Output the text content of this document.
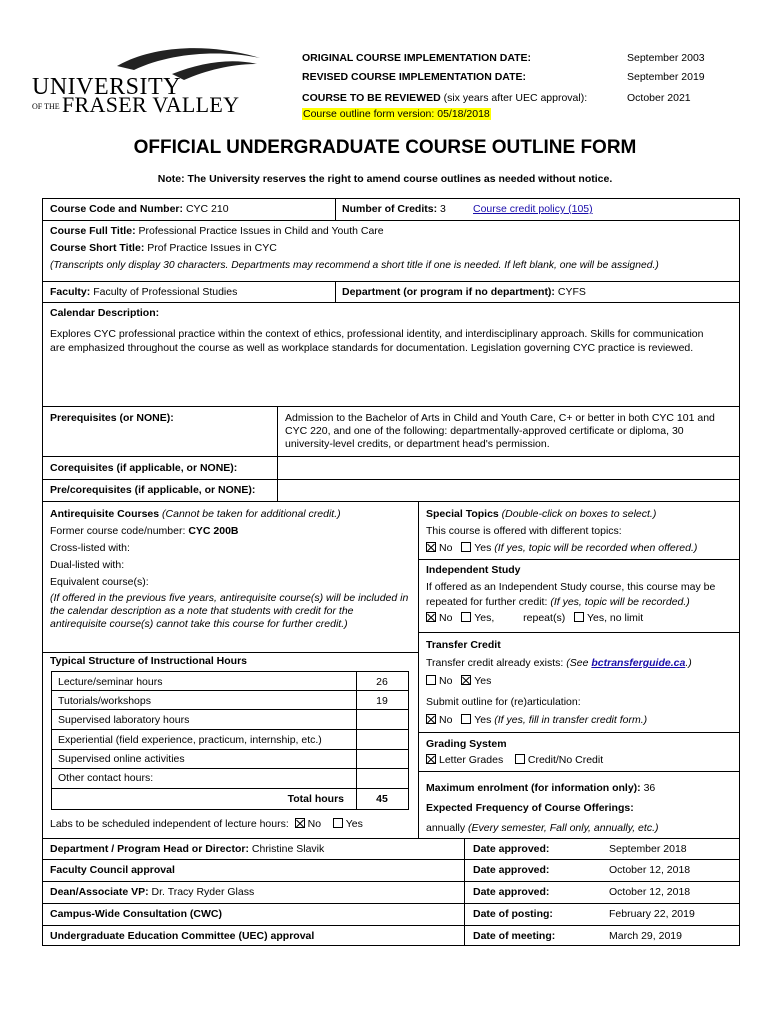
UNIVERSITY
OF THE FRASER VALLEY
ORIGINAL COURSE IMPLEMENTATION DATE:	September 2003
REVISED COURSE IMPLEMENTATION DATE:	September 2019
COURSE TO BE REVIEWED (six years after UEC approval):	October 2021
Course outline form version: 05/18/2018
OFFICIAL UNDERGRADUATE COURSE OUTLINE FORM
Note: The University reserves the right to amend course outlines as needed without notice.
Course Code and Number: CYC 210	Number of Credits: 3	Course credit policy (105)
Course Full Title: Professional Practice Issues in Child and Youth Care
Course Short Title: Prof Practice Issues in CYC
(Transcripts only display 30 characters. Departments may recommend a short title if one is needed. If left blank, one will be assigned.)
Faculty: Faculty of Professional Studies	Department (or program if no department): CYFS
Calendar Description:
Explores CYC professional practice within the context of ethics, professional identity, and interdisciplinary approach. Skills for communication are emphasized throughout the course as well as workplace standards for documentation. Legislation governing CYC practice is reviewed.
Prerequisites (or NONE):	Admission to the Bachelor of Arts in Child and Youth Care, C+ or better in both CYC 101 and CYC 220, and one of the following: departmentally-approved certificate or diploma, 30 university-level credits, or department head's permission.
Corequisites (if applicable, or NONE):
Pre/corequisites (if applicable, or NONE):
Antirequisite Courses (Cannot be taken for additional credit.)
Former course code/number: CYC 200B
Cross-listed with:
Dual-listed with:
Equivalent course(s):
(If offered in the previous five years, antirequisite course(s) will be included in the calendar description as a note that students with credit for the antirequisite course(s) cannot take this course for further credit.)
Special Topics (Double-click on boxes to select.)
This course is offered with different topics:
No Yes (If yes, topic will be recorded when offered.)
Independent Study
If offered as an Independent Study course, this course may be repeated for further credit: (If yes, topic will be recorded.)
No Yes,	repeat(s) Yes, no limit
Transfer Credit
Transfer credit already exists: (See bctransferguide.ca.)
No Yes
Submit outline for (re)articulation:
No Yes (If yes, fill in transfer credit form.)
Grading System
Letter Grades Credit/No Credit
Maximum enrolment (for information only): 36
Expected Frequency of Course Offerings:
annually (Every semester, Fall only, annually, etc.)
Typical Structure of Instructional Hours
Lecture/seminar hours	26
Tutorials/workshops	19
Supervised laboratory hours
Experiential (field experience, practicum, internship, etc.)
Supervised online activities
Other contact hours:
Total hours	45
Labs to be scheduled independent of lecture hours: No Yes
Department / Program Head or Director: Christine Slavik	Date approved:	September 2018
Faculty Council approval	Date approved:	October 12, 2018
Dean/Associate VP: Dr. Tracy Ryder Glass	Date approved:	October 12, 2018
Campus-Wide Consultation (CWC)	Date of posting:	February 22, 2019
Undergraduate Education Committee (UEC) approval	Date of meeting:	March 29, 2019
